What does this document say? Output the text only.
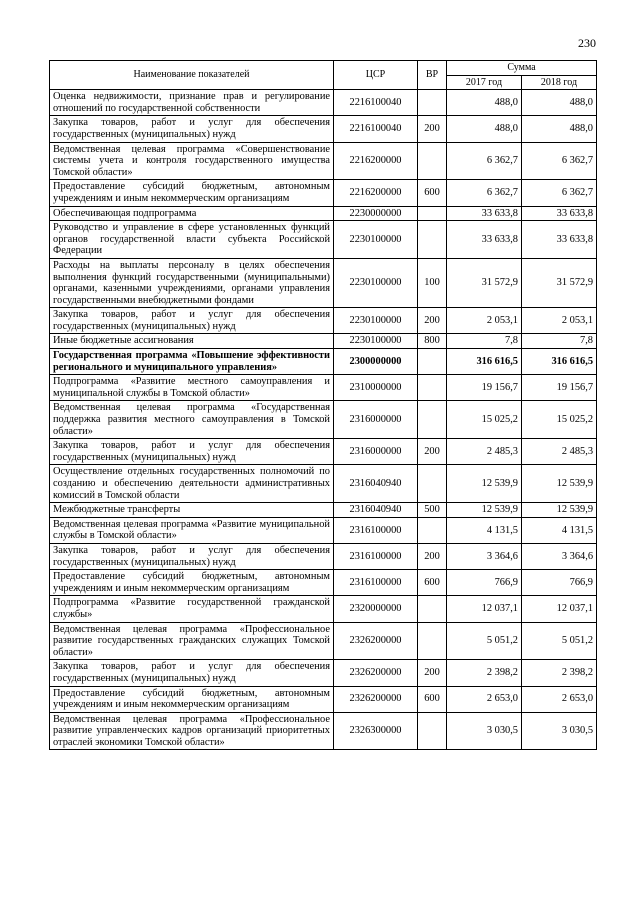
230
Наименование показателей	ЦСР	ВР	Сумма	
			2017 год	2018 год
Оценка недвижимости, признание прав и регулирование отношений по государственной собственности	2216100040		488,0	488,0
Закупка товаров, работ и услуг для обеспечения государственных (муниципальных) нужд	2216100040	200	488,0	488,0
Ведомственная целевая программа «Совершенствование системы учета и контроля государственного имущества Томской области»	2216200000		6 362,7	6 362,7
Предоставление субсидий бюджетным, автономным учреждениям и иным некоммерческим организациям	2216200000	600	6 362,7	6 362,7
Обеспечивающая подпрограмма	2230000000		33 633,8	33 633,8
Руководство и управление в сфере установленных функций органов государственной власти субъекта Российской Федерации	2230100000		33 633,8	33 633,8
Расходы на выплаты персоналу в целях обеспечения выполнения функций государственными (муниципальными) органами, казенными учреждениями, органами управления государственными внебюджетными фондами	2230100000	100	31 572,9	31 572,9
Закупка товаров, работ и услуг для обеспечения государственных (муниципальных) нужд	2230100000	200	2 053,1	2 053,1
Иные бюджетные ассигнования	2230100000	800	7,8	7,8
Государственная программа «Повышение эффективности регионального и муниципального управления»	2300000000		316 616,5	316 616,5
Подпрограмма «Развитие местного самоуправления и муниципальной службы в Томской области»	2310000000		19 156,7	19 156,7
Ведомственная целевая программа «Государственная поддержка развития местного самоуправления в Томской области»	2316000000		15 025,2	15 025,2
Закупка товаров, работ и услуг для обеспечения государственных (муниципальных) нужд	2316000000	200	2 485,3	2 485,3
Осуществление отдельных государственных полномочий по созданию и обеспечению деятельности административных комиссий в Томской области	2316040940		12 539,9	12 539,9
Межбюджетные трансферты	2316040940	500	12 539,9	12 539,9
Ведомственная целевая программа «Развитие муниципальной службы в Томской области»	2316100000		4 131,5	4 131,5
Закупка товаров, работ и услуг для обеспечения государственных (муниципальных) нужд	2316100000	200	3 364,6	3 364,6
Предоставление субсидий бюджетным, автономным учреждениям и иным некоммерческим организациям	2316100000	600	766,9	766,9
Подпрограмма «Развитие государственной гражданской службы»	2320000000		12 037,1	12 037,1
Ведомственная целевая программа «Профессиональное развитие государственных гражданских служащих Томской области»	2326200000		5 051,2	5 051,2
Закупка товаров, работ и услуг для обеспечения государственных (муниципальных) нужд	2326200000	200	2 398,2	2 398,2
Предоставление субсидий бюджетным, автономным учреждениям и иным некоммерческим организациям	2326200000	600	2 653,0	2 653,0
Ведомственная целевая программа «Профессиональное развитие управленческих кадров организаций приоритетных отраслей экономики Томской области»	2326300000		3 030,5	3 030,5
